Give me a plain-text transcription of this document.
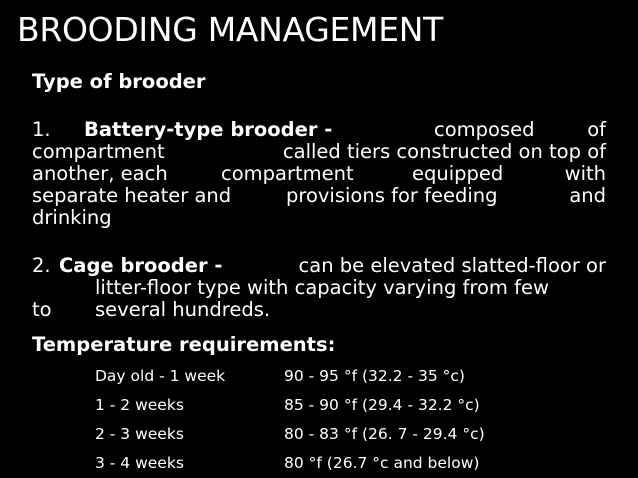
BROODING MANAGEMENT
Type of brooder
1. Battery-type brooder -	composed	of
compartment	called tiers constructed on top of
another, each	compartment	equipped	with
separate heater and	provisions for feeding	and
drinking
2. Cage brooder -	can be elevated slatted-floor or
litter-floor type with capacity varying from few
to several hundreds.
Temperature requirements:
Day old - 1 week	90 - 95 °f (32.2 - 35 °c)
1 - 2 weeks	85 - 90 °f (29.4 - 32.2 °c)
2 - 3 weeks	80 - 83 °f (26. 7 - 29.4 °c)
3 - 4 weeks	80 °f (26.7 °c and below)
